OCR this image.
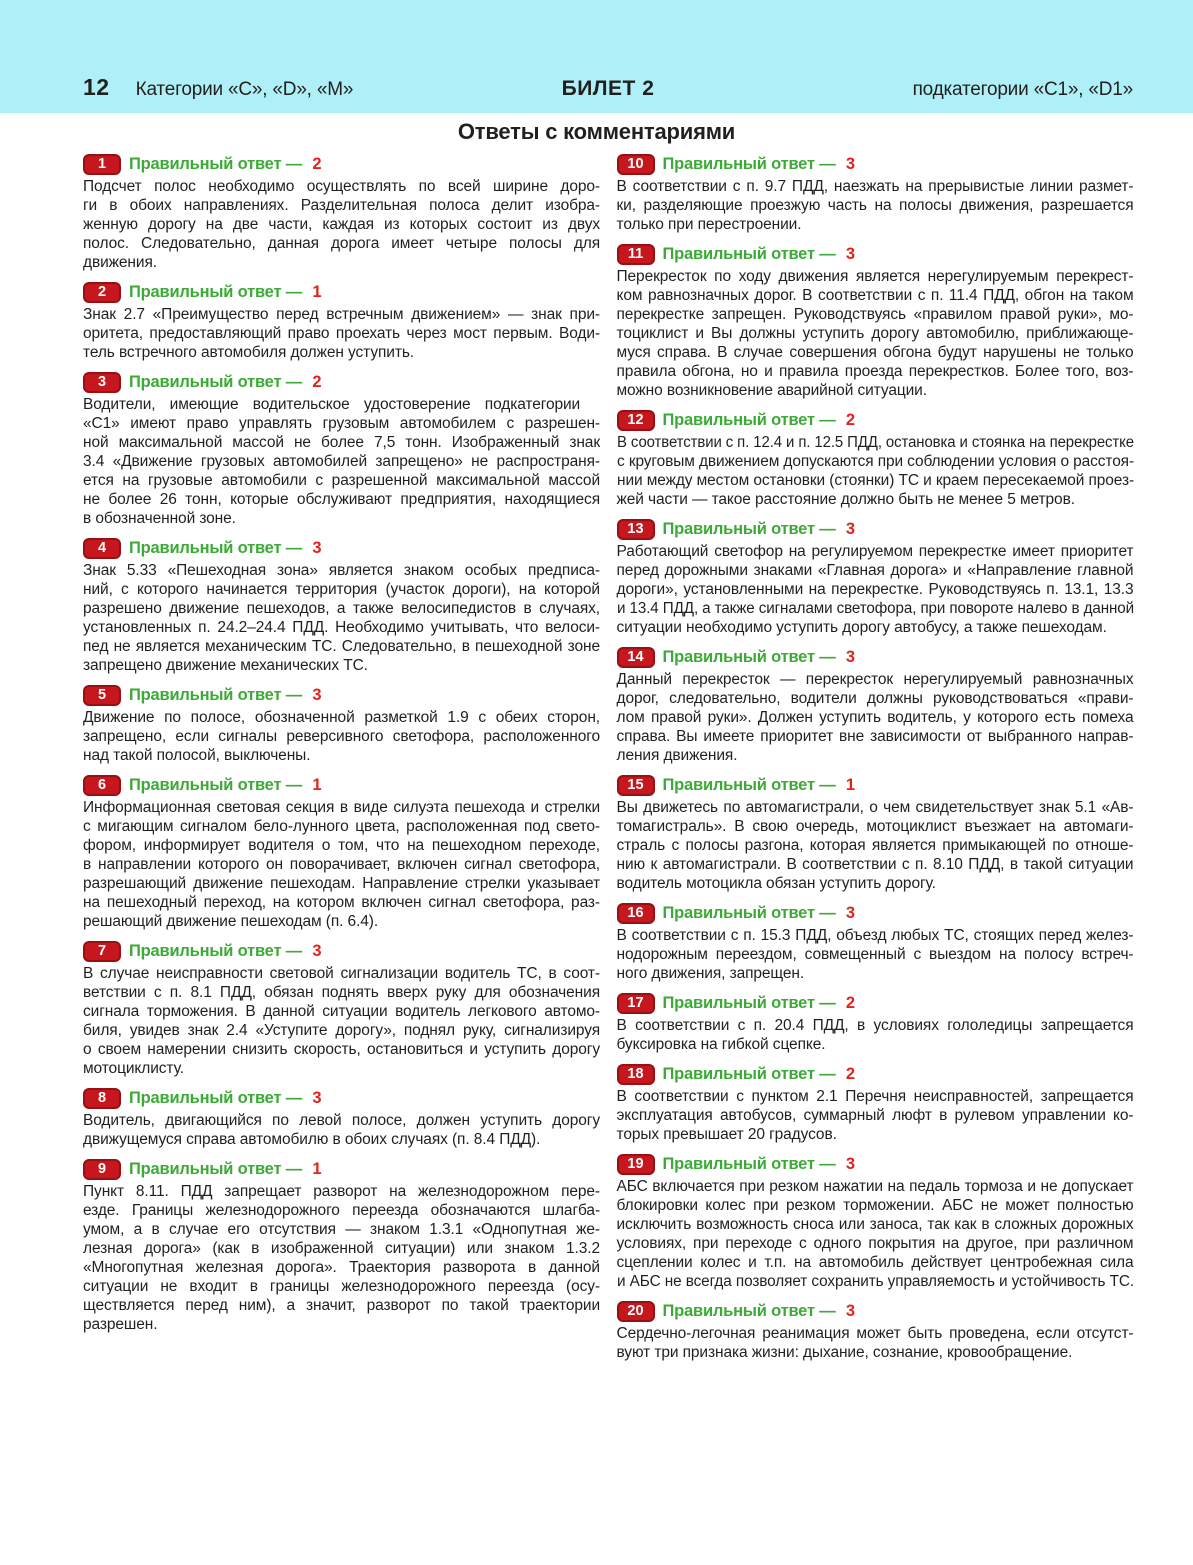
12 Категории «С», «D», «М»	БИЛЕТ 2	подкатегории «С1», «D1»
Ответы с комментариями
1	Правильный ответ — 2
Подсчет полос необходимо осуществлять по всей ширине доро-
ги в обоих направлениях. Разделительная полоса делит изобра-
женную дорогу на две части, каждая из которых состоит из двух
полос. Следовательно, данная дорога имеет четыре полосы для
движения.
2	Правильный ответ — 1
Знак 2.7 «Преимущество перед встречным движением» — знак при-
оритета, предоставляющий право проехать через мост первым. Води-
тель встречного автомобиля должен уступить.
3	Правильный ответ — 2
Водители, имеющие водительское удостоверение подкатегории
«С1» имеют право управлять грузовым автомобилем с разрешен-
ной максимальной массой не более 7,5 тонн. Изображенный знак
3.4 «Движение грузовых автомобилей запрещено» не распространя-
ется на грузовые автомобили с разрешенной максимальной массой
не более 26 тонн, которые обслуживают предприятия, находящиеся
в обозначенной зоне.
4	Правильный ответ — 3
Знак 5.33 «Пешеходная зона» является знаком особых предписа-
ний, с которого начинается территория (участок дороги), на которой
разрешено движение пешеходов, а также велосипедистов в случаях,
установленных п. 24.2–24.4 ПДД. Необходимо учитывать, что велоси-
пед не является механическим ТС. Следовательно, в пешеходной зоне
запрещено движение механических ТС.
5	Правильный ответ — 3
Движение по полосе, обозначенной разметкой 1.9 с обеих сторон,
запрещено, если сигналы реверсивного светофора, расположенного
над такой полосой, выключены.
6	Правильный ответ — 1
Информационная световая секция в виде силуэта пешехода и стрелки
с мигающим сигналом бело-лунного цвета, расположенная под свето-
фором, информирует водителя о том, что на пешеходном переходе,
в направлении которого он поворачивает, включен сигнал светофора,
разрешающий движение пешеходам. Направление стрелки указывает
на пешеходный переход, на котором включен сигнал светофора, раз-
решающий движение пешеходам (п. 6.4).
7	Правильный ответ — 3
В случае неисправности световой сигнализации водитель ТС, в соот-
ветствии с п. 8.1 ПДД, обязан поднять вверх руку для обозначения
сигнала торможения. В данной ситуации водитель легкового автомо-
биля, увидев знак 2.4 «Уступите дорогу», поднял руку, сигнализируя
о своем намерении снизить скорость, остановиться и уступить дорогу
мотоциклисту.
8	Правильный ответ — 3
Водитель, двигающийся по левой полосе, должен уступить дорогу
движущемуся справа автомобилю в обоих случаях (п. 8.4 ПДД).
9	Правильный ответ — 1
Пункт 8.11. ПДД запрещает разворот на железнодорожном пере-
езде. Границы железнодорожного переезда обозначаются шлагба-
умом, а в случае его отсутствия — знаком 1.3.1 «Однопутная же-
лезная дорога» (как в изображенной ситуации) или знаком 1.3.2
«Многопутная железная дорога». Траектория разворота в данной
ситуации не входит в границы железнодорожного переезда (осу-
ществляется перед ним), а значит, разворот по такой траектории
разрешен.
10	Правильный ответ — 3
В соответствии с п. 9.7 ПДД, наезжать на прерывистые линии размет-
ки, разделяющие проезжую часть на полосы движения, разрешается
только при перестроении.
11	Правильный ответ — 3
Перекресток по ходу движения является нерегулируемым перекрест-
ком равнозначных дорог. В соответствии с п. 11.4 ПДД, обгон на таком
перекрестке запрещен. Руководствуясь «правилом правой руки», мо-
тоциклист и Вы должны уступить дорогу автомобилю, приближающе-
муся справа. В случае совершения обгона будут нарушены не только
правила обгона, но и правила проезда перекрестков. Более того, воз-
можно возникновение аварийной ситуации.
12	Правильный ответ — 2
В соответствии с п. 12.4 и п. 12.5 ПДД, остановка и стоянка на перекрестке
с круговым движением допускаются при соблюдении условия о расстоя-
нии между местом остановки (стоянки) ТС и краем пересекаемой проез-
жей части — такое расстояние должно быть не менее 5 метров.
13	Правильный ответ — 3
Работающий светофор на регулируемом перекрестке имеет приоритет
перед дорожными знаками «Главная дорога» и «Направление главной
дороги», установленными на перекрестке. Руководствуясь п. 13.1, 13.3
и 13.4 ПДД, а также сигналами светофора, при повороте налево в данной
ситуации необходимо уступить дорогу автобусу, а также пешеходам.
14	Правильный ответ — 3
Данный перекресток — перекресток нерегулируемый равнозначных
дорог, следовательно, водители должны руководствоваться «прави-
лом правой руки». Должен уступить водитель, у которого есть помеха
справа. Вы имеете приоритет вне зависимости от выбранного направ-
ления движения.
15	Правильный ответ — 1
Вы движетесь по автомагистрали, о чем свидетельствует знак 5.1 «Ав-
томагистраль». В свою очередь, мотоциклист въезжает на автомаги-
страль с полосы разгона, которая является примыкающей по отноше-
нию к автомагистрали. В соответствии с п. 8.10 ПДД, в такой ситуации
водитель мотоцикла обязан уступить дорогу.
16	Правильный ответ — 3
В соответствии с п. 15.3 ПДД, объезд любых ТС, стоящих перед желез-
нодорожным переездом, совмещенный с выездом на полосу встреч-
ного движения, запрещен.
17	Правильный ответ — 2
В соответствии с п. 20.4 ПДД, в условиях гололедицы запрещается
буксировка на гибкой сцепке.
18	Правильный ответ — 2
В соответствии с пунктом 2.1 Перечня неисправностей, запрещается
эксплуатация автобусов, суммарный люфт в рулевом управлении ко-
торых превышает 20 градусов.
19	Правильный ответ — 3
АБС включается при резком нажатии на педаль тормоза и не допускает
блокировки колес при резком торможении. АБС не может полностью
исключить возможность сноса или заноса, так как в сложных дорожных
условиях, при переходе с одного покрытия на другое, при различном
сцеплении колес и т.п. на автомобиль действует центробежная сила
и АБС не всегда позволяет сохранить управляемость и устойчивость ТС.
20	Правильный ответ — 3
Сердечно-легочная реанимация может быть проведена, если отсутст-
вуют три признака жизни: дыхание, сознание, кровообращение.
